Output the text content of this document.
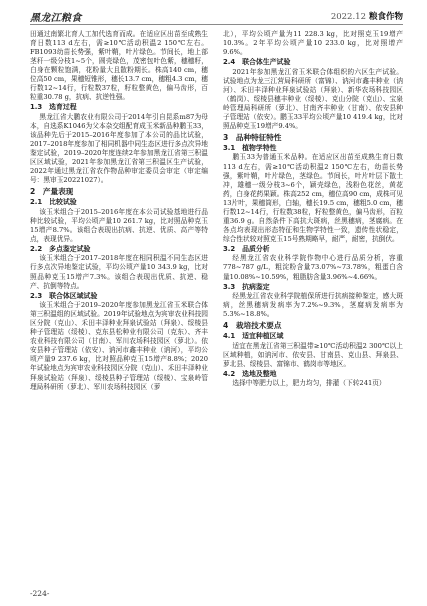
黑龙江粮食	2022.12 粮食作物

田通过南繁北育人工加代选育而成。在适应区出苗至成熟生育日数113 d左右，需≥10℃活动积温2 150℃左右。FB1093幼苗长势强，紫叶鞘，叶片绿色。节间长，地上部茎秆一级分枝1~5个，圆壳绿色，茂密包叶色紫，穗穗籽，白身在颗粒饱满，花粉量大且散粉期长。株高140 cm，穗位高50 cm，果穗短锥形，穗长13.7 cm，穗粗4.3 cm，穗行数12~14行，行粒数37粒，籽粒整黄色，偏马齿形，百粒重30.78 g，抗病、抗逆性强。

1.3　选育过程

黑龙江省大鹏农业有限公司于2014年引自昆系m87为母本，自选系K1046为父本杂交组配育成玉米新品种鹏玉33，该品种先后于2015–2016年度参加了本公司的品比试验，2017–2018年度参加了相同机器中同生态区进行多点次异地鉴定试验，2019–2020年度连续2年参加黑龙江省第三积温区区域试验，2021年参加黑龙江省第三积温区生产试验，2022年通过黑龙江省农作物品种审定委员会审定（审定编号：黑审玉20221027）。

2　产量表现
2.1　比较试验

该玉米组合于2015–2016年度在本公司试验基地进行品种比较试验，平均公顷产量10 261.7 kg，比对照品种克玉15增产8.7%。该组合表现出抗病、抗逆、优质、高产等特点，表现优异。

2.2　多点鉴定试验

该玉米组合于2017–2018年度在相同积温不同生态区进行多点次异地鉴定试验，平均公顷产量10 343.9 kg，比对照品种克玉15增产7.3%。该组合表现出优质、抗逆、稳产、抗倒等特点。

2.3　联合体区域试验

该玉米组合于2019–2020年度参加黑龙江省玉米联合体第三积温组的区域试验。2019年试验地点为宾审农业科技园区分院（克山）、禾田丰泽种业拜泉试验站（拜泉）、绥棱县种子管理站（绥棱）、克东县松种业有限公司（克东）、齐丰农业科技有限公司（甘南）、军川农场科技园区（萝北）。依安县种子管理站（依安）、讷河市鑫丰种业（讷河），平均公顷产量9 237.6 kg，比对照品种克玉15增产8.8%；2020年试验地点为宾审农业科技园区分院（克山）、禾田丰泽种业拜泉试验站（拜泉）、绥棱县种子管理站（绥棱）、宝泉岭管理局科研所（萝北）、军川农场科技园区（萝

北），平均公顷产量为11 228.3 kg，比对照克玉19增产10.3%。2年平均公顷产量10 233.0 kg，比对照增产9.6%。

2.4　联合体生产试验

2021年参加黑龙江省玉米联合体组织的六区生产试验。试验地点为龙三江营局科研所（富锦）、讷河市鑫丰种业（讷河）、禾田丰泽种业拜泉试验站（拜泉）、新华农场科技园区（鹤岗）、绥棱县穗丰种业（绥棱）、克山分院（克山）、宝泉岭管理局科研所（萝北）、甘南齐丰种业（甘南）、依安县种子管理站（依安）。鹏玉33平均公顷产量10 419.4 kg，比对照品种克玉19增产9.4%。

3　品种特征特性
3.1　植物学特性

鹏玉33为普通玉米品种。在适应区出苗至成熟生育日数113 d左右，需≥10℃活动积温2 150℃左右，幼苗长势强，紫叶鞘，叶片绿色，茎绿色。节间长，叶片叶层下散土冲，雄穗一级分枝3~6个，颖壳绿色，浅粉色花丝，黄花药，白身花药果颖。株高252 cm，穗位高90 cm，成株可见13片叶，果穗筒形，白轴，穗长19.5 cm，穗粗5.0 cm，穗行数12~14行，行粒数38粒，籽粒整黄色，偏马齿形，百粒重36.9 g。自然条件下高抗大斑病，丝黑穗病，茎腐病。在各点均表现出形态特征和生物学特性一致，遗传性状稳定，综合性状较对照克玉15号熟期略早，耐严，耐密，抗倒伏。

3.2　品质分析

经黑龙江省农业科学院作物中心进行品质分析，容重778~787 g/L，粗淀粉含量73.07%~73.78%，粗蛋白含量10.08%~10.59%，粗脂肪含量3.96%~4.66%。

3.3　抗病鉴定

经黑龙江省农业科学院植保所进行抗病接种鉴定，感大斑病，丝黑穗病发病率为7.2%~9.3%，茎腐病发病率为5.3%~18.8%。

4　栽培技术要点
4.1　适宜种植区域

适宜在黑龙江省第三积温带≥10℃活动积温2 300℃以上区域种植，如讷河市、依安县、甘南县、克山县、拜泉县、萝北县、绥棱县、富锦市、鹤岗市等地区。

4.2　选地及整地

选择中等肥力以上，肥力均匀，排灌（下转241页）

-224-
